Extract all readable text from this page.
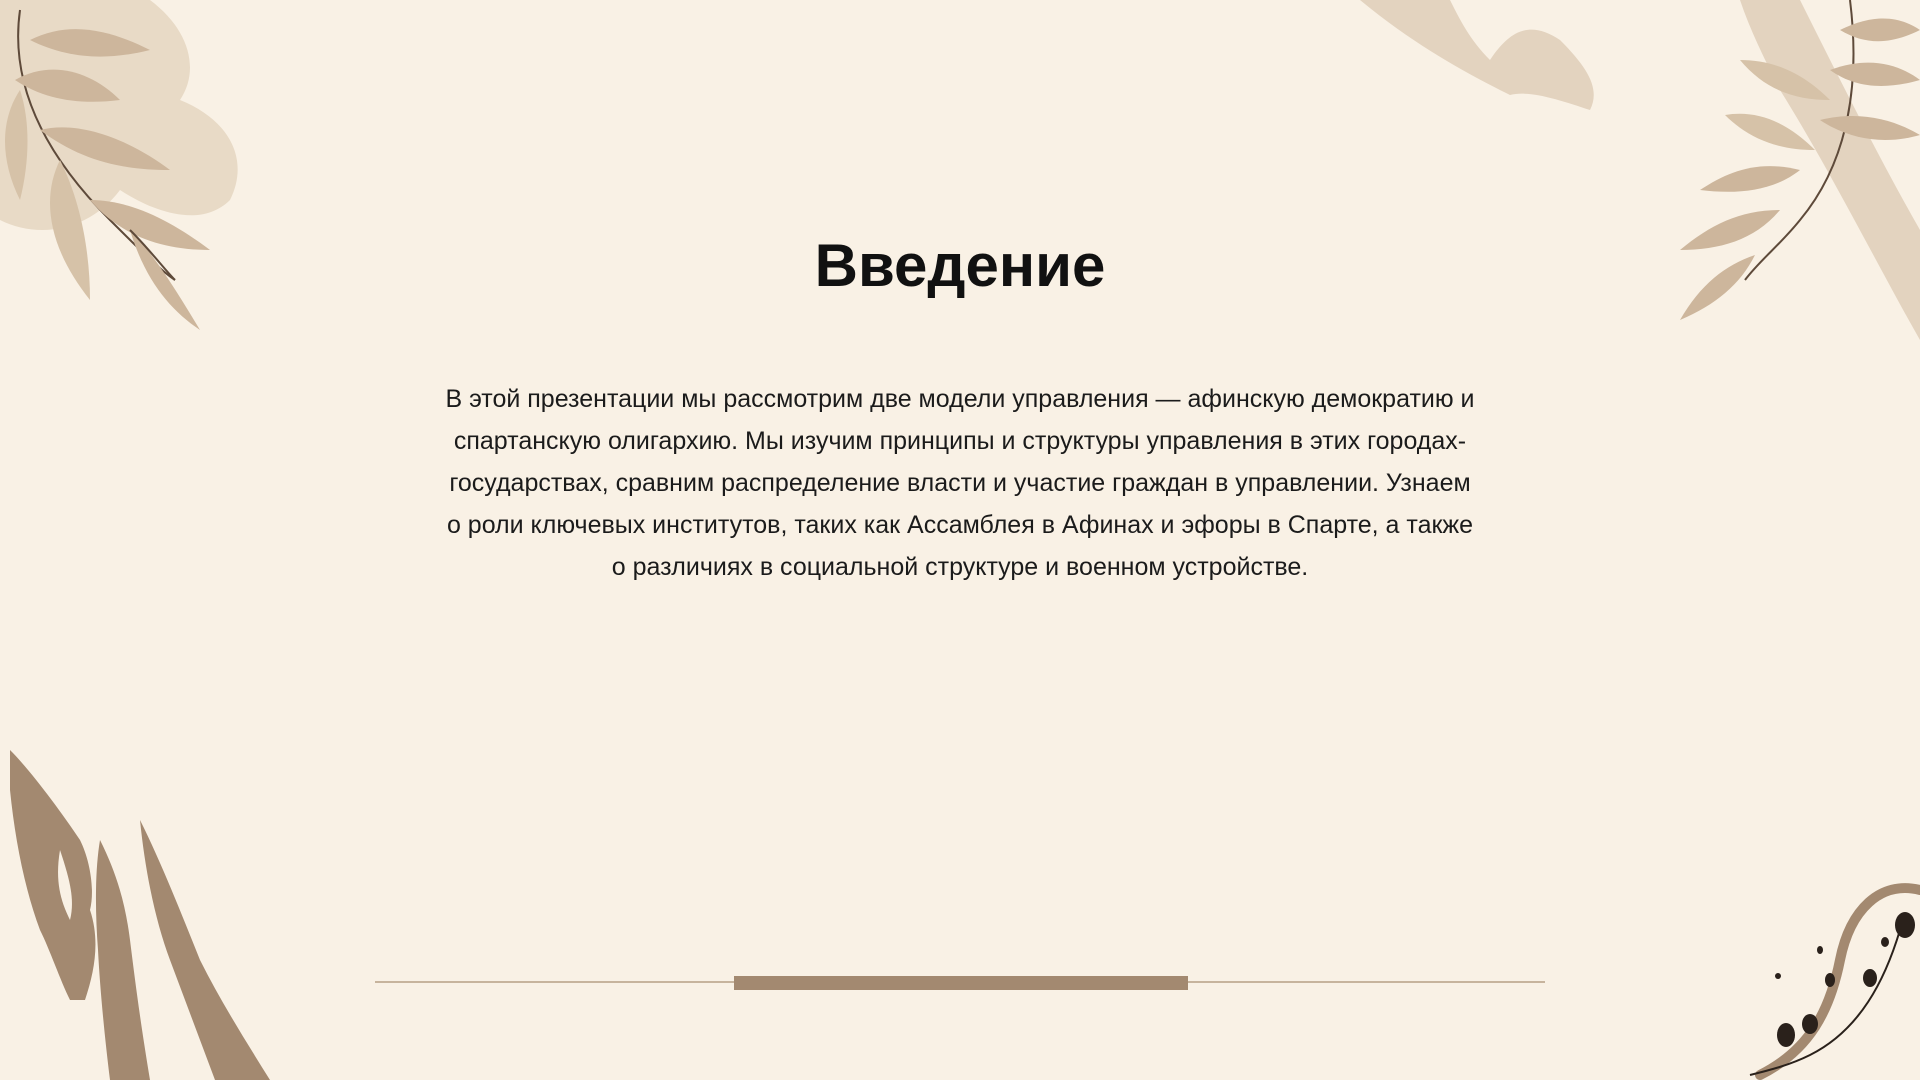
Введение

В этой презентации мы рассмотрим две модели управления — афинскую демократию и спартанскую олигархию. Мы изучим принципы и структуры управления в этих городах-государствах, сравним распределение власти и участие граждан в управлении. Узнаем о роли ключевых институтов, таких как Ассамблея в Афинах и эфоры в Спарте, а также о различиях в социальной структуре и военном устройстве.
